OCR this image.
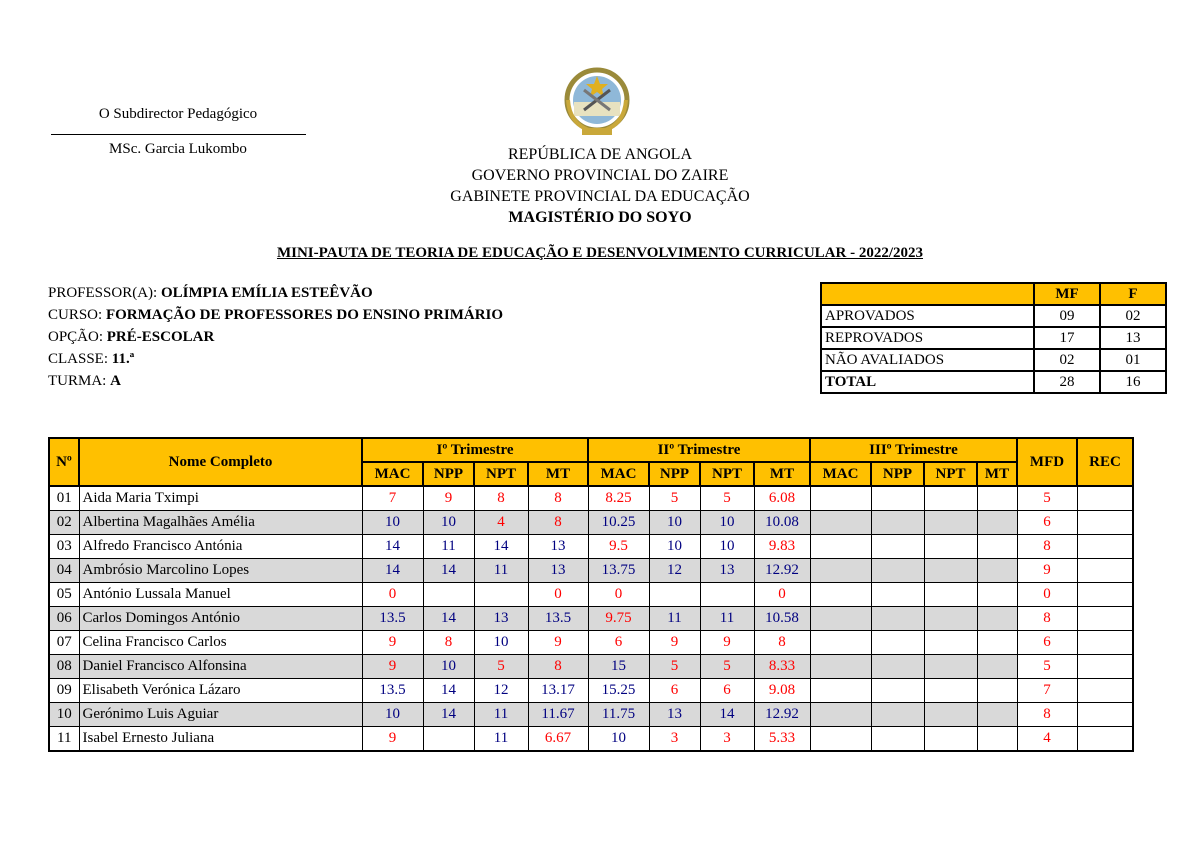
O Subdirector Pedagógico
MSc. Garcia Lukombo	REPÚBLICA DE ANGOLA
GOVERNO PROVINCIAL DO ZAIRE
GABINETE PROVINCIAL DA EDUCAÇÃO
MAGISTÉRIO DO SOYO
MINI-PAUTA DE TEORIA DE EDUCAÇÃO E DESENVOLVIMENTO CURRICULAR - 2022/2023
PROFESSOR(A): OLÍMPIA EMÍLIA ESTEÊVÃO
CURSO: FORMAÇÃO DE PROFESSORES DO ENSINO PRIMÁRIO
OPÇÃO: PRÉ-ESCOLAR
CLASSE: 11.ª
TURMA: A
	MF	F
APROVADOS	09	02
REPROVADOS	17	13
NÃO AVALIADOS	02	01
TOTAL	28	16
Nº	Nome Completo	Iº Trimestre				IIº Trimestre				IIIº Trimestre				MFD	REC
		MAC	NPP	NPT	MT	MAC	NPP	NPT	MT	MAC	NPP	NPT	MT		
01	Aida Maria Tximpi	7	9	8	8	8.25	5	5	6.08					5	
02	Albertina Magalhães Amélia	10	10	4	8	10.25	10	10	10.08					6	
03	Alfredo Francisco Antónia	14	11	14	13	9.5	10	10	9.83					8	
04	Ambrósio Marcolino Lopes	14	14	11	13	13.75	12	13	12.92					9	
05	António Lussala Manuel	0			0	0			0					0	
06	Carlos Domingos António	13.5	14	13	13.5	9.75	11	11	10.58					8	
07	Celina Francisco Carlos	9	8	10	9	6	9	9	8					6	
08	Daniel Francisco Alfonsina	9	10	5	8	15	5	5	8.33					5	
09	Elisabeth Verónica Lázaro	13.5	14	12	13.17	15.25	6	6	9.08					7	
10	Gerónimo Luis Aguiar	10	14	11	11.67	11.75	13	14	12.92					8	
11	Isabel Ernesto Juliana	9		11	6.67	10	3	3	5.33					4	
